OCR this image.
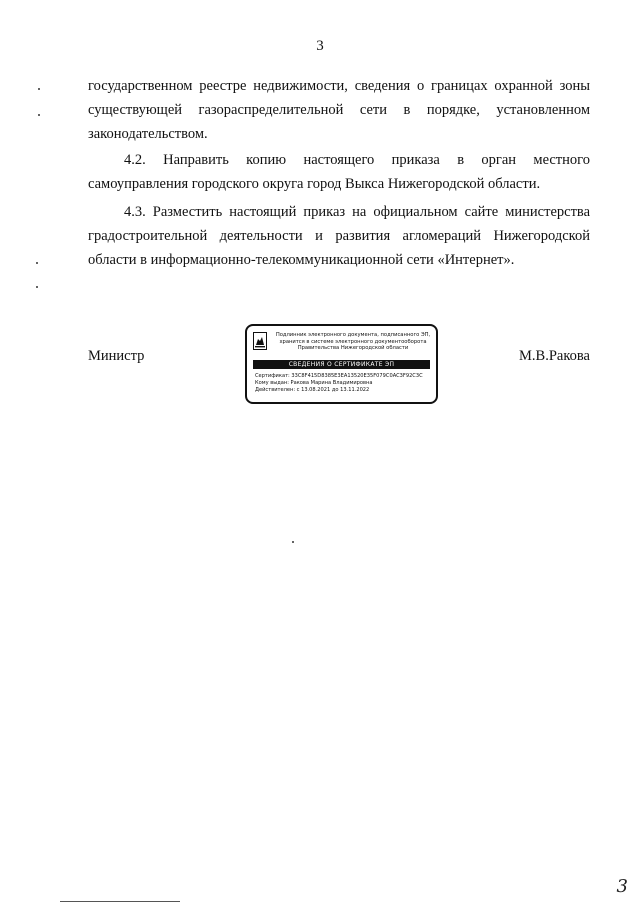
3
государственном реестре недвижимости, сведения о границах охранной зоны
существующей газораспределительной сети в порядке, установленном
законодательством.
4.2. Направить копию настоящего приказа в орган местного
самоуправления городского округа город Выкса Нижегородской области.
4.3. Разместить настоящий приказ на официальном сайте министерства
градостроительной деятельности и развития агломераций Нижегородской
области в информационно-телекоммуникационной сети «Интернет».
Министр	М.В.Ракова
Подлинник электронного документа, подписанного ЭП,
хранится в системе электронного документооборота
Правительства Нижегородской области
СВЕДЕНИЯ О СЕРТИФИКАТЕ ЭП
Сертификат: 33C8F415D8385E3EA13520E35F079C0AC3F92C3C
Кому выдан: Ракова Марина Владимировна
Действителен: с 13.08.2021 до 13.11.2022
3
